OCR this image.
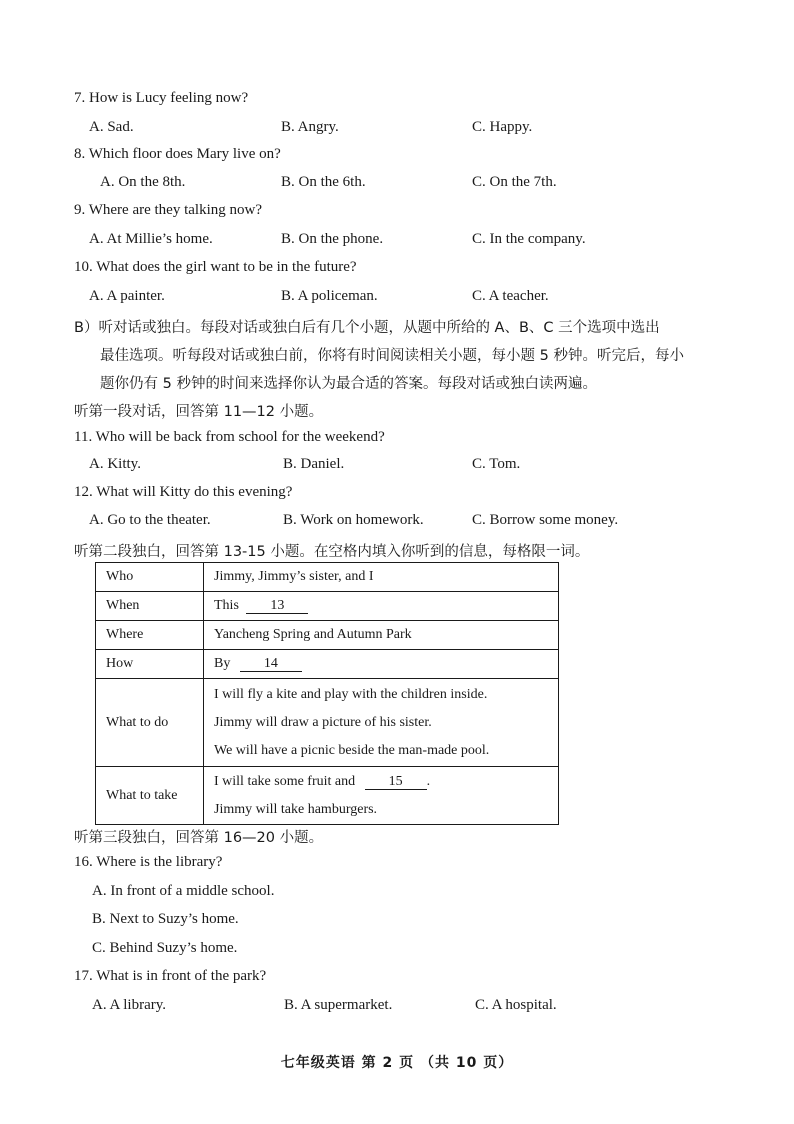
7. How is Lucy feeling now?
A. Sad.	B. Angry.	C. Happy.
8. Which floor does Mary live on?
A. On the 8th.	B. On the 6th.	C. On the 7th.
9. Where are they talking now?
A. At Millie’s home.	B. On the phone.	C. In the company.
10. What does the girl want to be in the future?
A. A painter.	B. A policeman.	C. A teacher.
B）听对话或独白。每段对话或独白后有几个小题，从题中所给的 A、B、C 三个选项中选出
最佳选项。听每段对话或独白前，你将有时间阅读相关小题，每小题 5 秒钟。听完后，每小
题你仍有 5 秒钟的时间来选择你认为最合适的答案。每段对话或独白读两遍。
听第一段对话，回答第 11—12 小题。
11. Who will be back from school for the weekend?
A. Kitty.	B. Daniel.	C. Tom.
12. What will Kitty do this evening?
A. Go to the theater.	B. Work on homework.	C. Borrow some money.
听第二段独白，回答第 13-15 小题。在空格内填入你听到的信息，每格限一词。
Who	Jimmy, Jimmy’s sister, and I
When	This 13
Where	Yancheng Spring and Autumn Park
How	By 14
What to do	I will fly a kite and play with the children inside.
Jimmy will draw a picture of his sister.
We will have a picnic beside the man-made pool.

What to take	I will take some fruit and 15 .
Jimmy will take hamburgers.
听第三段独白，回答第 16—20 小题。
16. Where is the library?
A. In front of a middle school.
B. Next to Suzy’s home.
C. Behind Suzy’s home.
17. What is in front of the park?
A. A library.	B. A supermarket.	C. A hospital.
七年级英语 第 2 页 （共 10 页）
